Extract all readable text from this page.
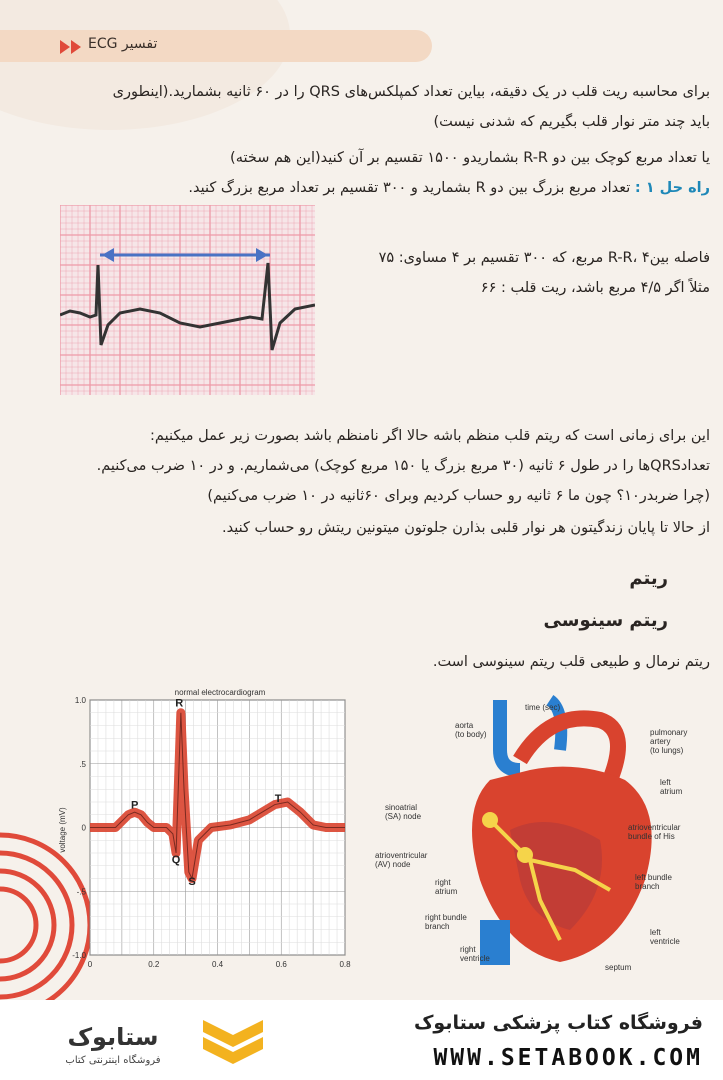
تفسیر ECG
برای محاسبه ریت قلب در یک دقیقه، بیاین تعداد کمپلکس‌های QRS را در ۶۰ ثانیه بشمارید.(اینطوری
باید چند متر نوار قلب بگیریم که شدنی نیست)
یا تعداد مربع کوچک بین دو R-R بشماریدو ۱۵۰۰ تقسیم بر آن کنید(این هم سخته)
راه حل ۱ : تعداد مربع بزرگ بین دو R بشمارید و ۳۰۰ تقسیم بر تعداد مربع بزرگ کنید.
فاصله بینR-R، ۴ مربع، که ۳۰۰ تقسیم بر ۴ مساوی: ۷۵
مثلاً اگر ۴/۵ مربع باشد، ریت قلب : ۶۶
این برای زمانی است که ریتم قلب منظم باشه حالا اگر نامنظم باشد بصورت زیر عمل میکنیم:
تعدادQRSها را در طول ۶ ثانیه (۳۰ مربع بزرگ یا ۱۵۰ مربع کوچک) می‌شماریم. و در ۱۰ ضرب می‌کنیم.
(چرا ضربدر۱۰؟ چون ما ۶ ثانیه رو حساب کردیم وبرای ۶۰ثانیه در ۱۰ ضرب می‌کنیم)
از حالا تا پایان زندگیتون هر نوار قلبی بذارن جلوتون میتونین ریتش رو حساب کنید.
ریتم
ریتم سینوسی
ریتم نرمال و طبیعی قلب ریتم سینوسی است.
normal electrocardiogram
voltage (mV)
1.0
.5
0
-.5
-1.0
0	0.2	0.4	0.6	0.8
P
R
Q
S
T
time (sec)
aorta
(to body)	pulmonary
artery
(to lungs)
left
atrium
sinoatrial
(SA) node
atrioventricular
bundle of His
atrioventricular
(AV) node
right
atrium
left bundle
branch
right bundle
branch
left
ventricle
right
ventricle
septum
ستابوک
فروشگاه اینترنتی کتاب
فروشگاه کتاب پزشکی ستابوک
WWW.SETABOOK.COM
